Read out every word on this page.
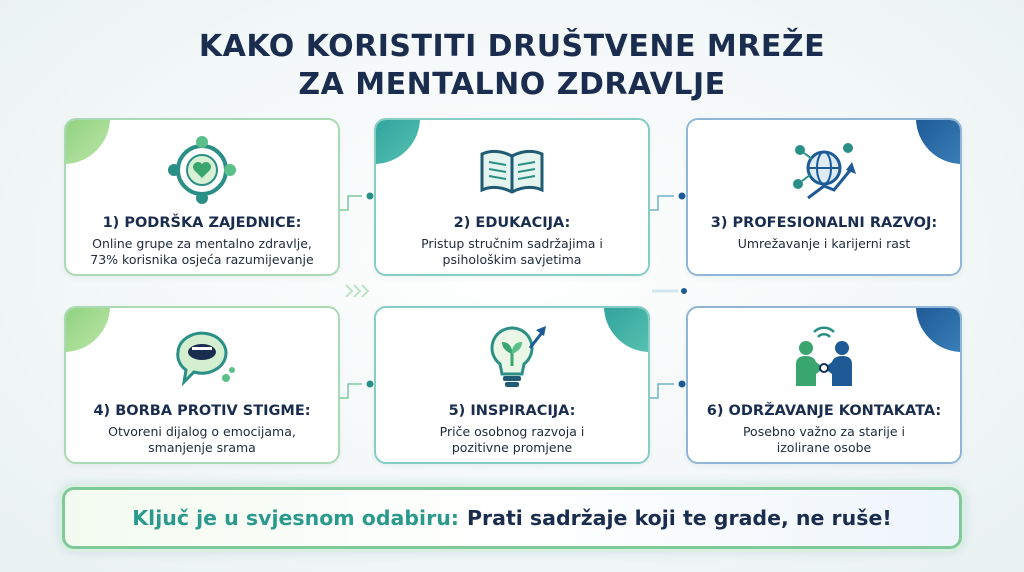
KAKO KORISTITI DRUŠTVENE MREŽE
ZA MENTALNO ZDRAVLJE
1) PODRŠKA ZAJEDNICE:
Online grupe za mentalno zdravlje,
73% korisnika osjeća razumijevanje
2) EDUKACIJA:
Pristup stručnim sadržajima i
psihološkim savjetima
3) PROFESIONALNI RAZVOJ:
Umrežavanje i karijerni rast
4) BORBA PROTIV STIGME:
Otvoreni dijalog o emocijama,
smanjenje srama
5) INSPIRACIJA:
Priče osobnog razvoja i
pozitivne promjene
6) ODRŽAVANJE KONTAKATA:
Posebno važno za starije i
izolirane osobe
Ključ je u svjesnom odabiru: Prati sadržaje koji te grade, ne ruše!
